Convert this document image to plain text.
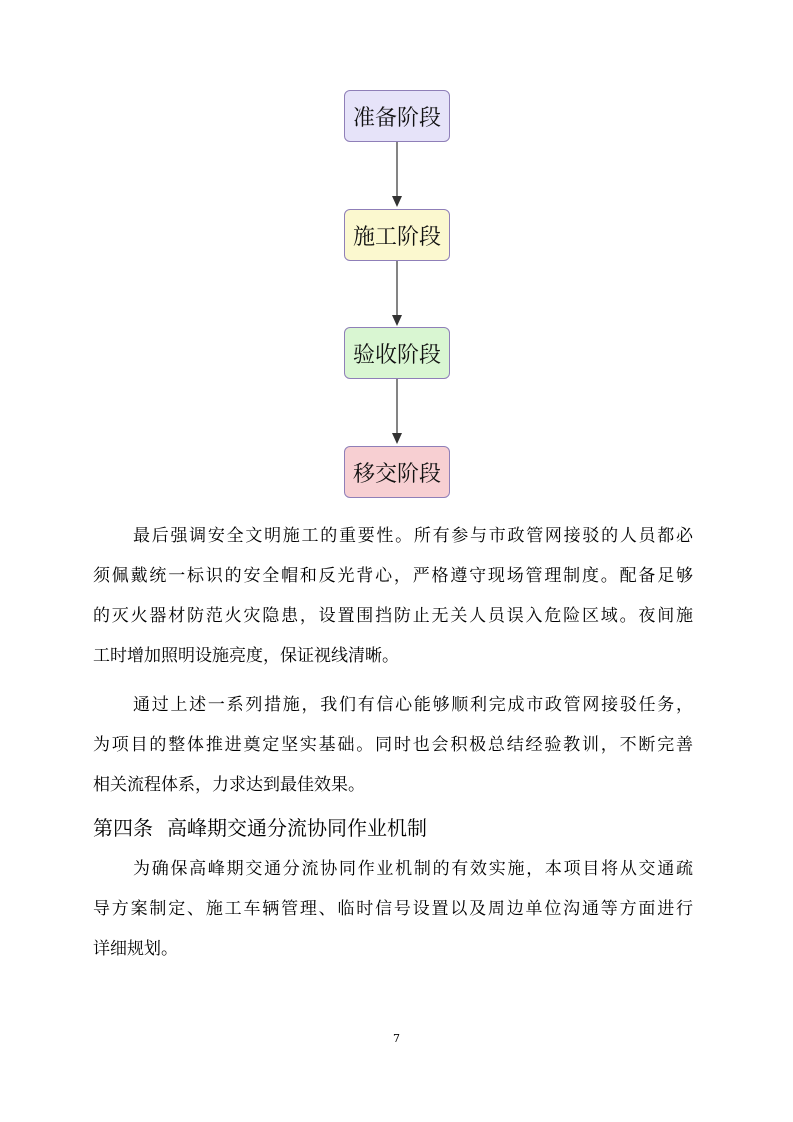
准备阶段
施工阶段
验收阶段
移交阶段

最后强调安全文明施工的重要性。所有参与市政管网接驳的人员都必
须佩戴统一标识的安全帽和反光背心，严格遵守现场管理制度。配备足够
的灭火器材防范火灾隐患，设置围挡防止无关人员误入危险区域。夜间施
工时增加照明设施亮度，保证视线清晰。

通过上述一系列措施，我们有信心能够顺利完成市政管网接驳任务，
为项目的整体推进奠定坚实基础。同时也会积极总结经验教训，不断完善
相关流程体系，力求达到最佳效果。

第四条 高峰期交通分流协同作业机制

为确保高峰期交通分流协同作业机制的有效实施，本项目将从交通疏
导方案制定、施工车辆管理、临时信号设置以及周边单位沟通等方面进行
详细规划。

7
